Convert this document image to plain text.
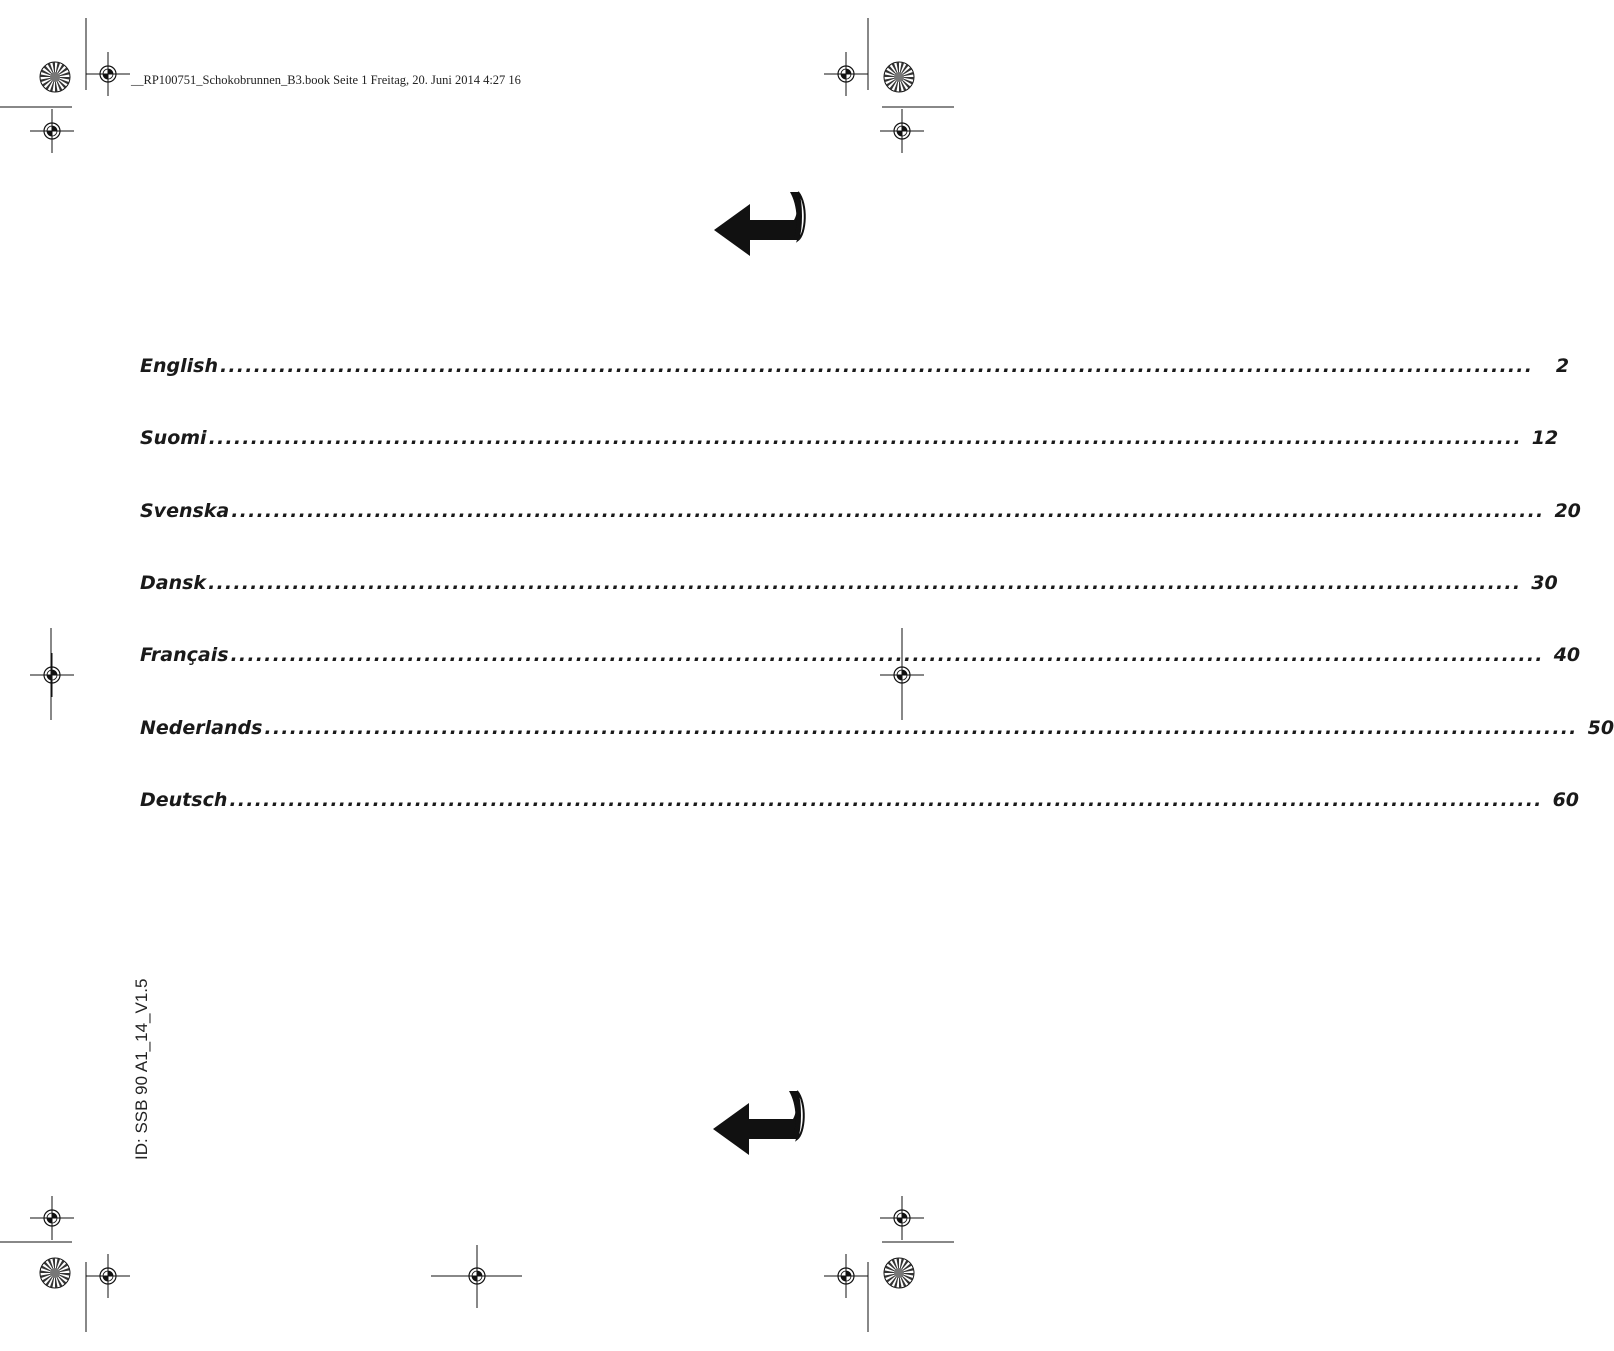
__RP100751_Schokobrunnen_B3.book Seite 1 Freitag, 20. Juni 2014 4:27 16
English ............................................................................................................................................................	2
Suomi ............................................................................................................................................................ 12
Svenska ............................................................................................................................................................ 20
Dansk ............................................................................................................................................................ 30
Français ............................................................................................................................................................ 40
Nederlands ............................................................................................................................................................ 50
Deutsch ............................................................................................................................................................ 60
ID: SSB 90 A1_14_V1.5
